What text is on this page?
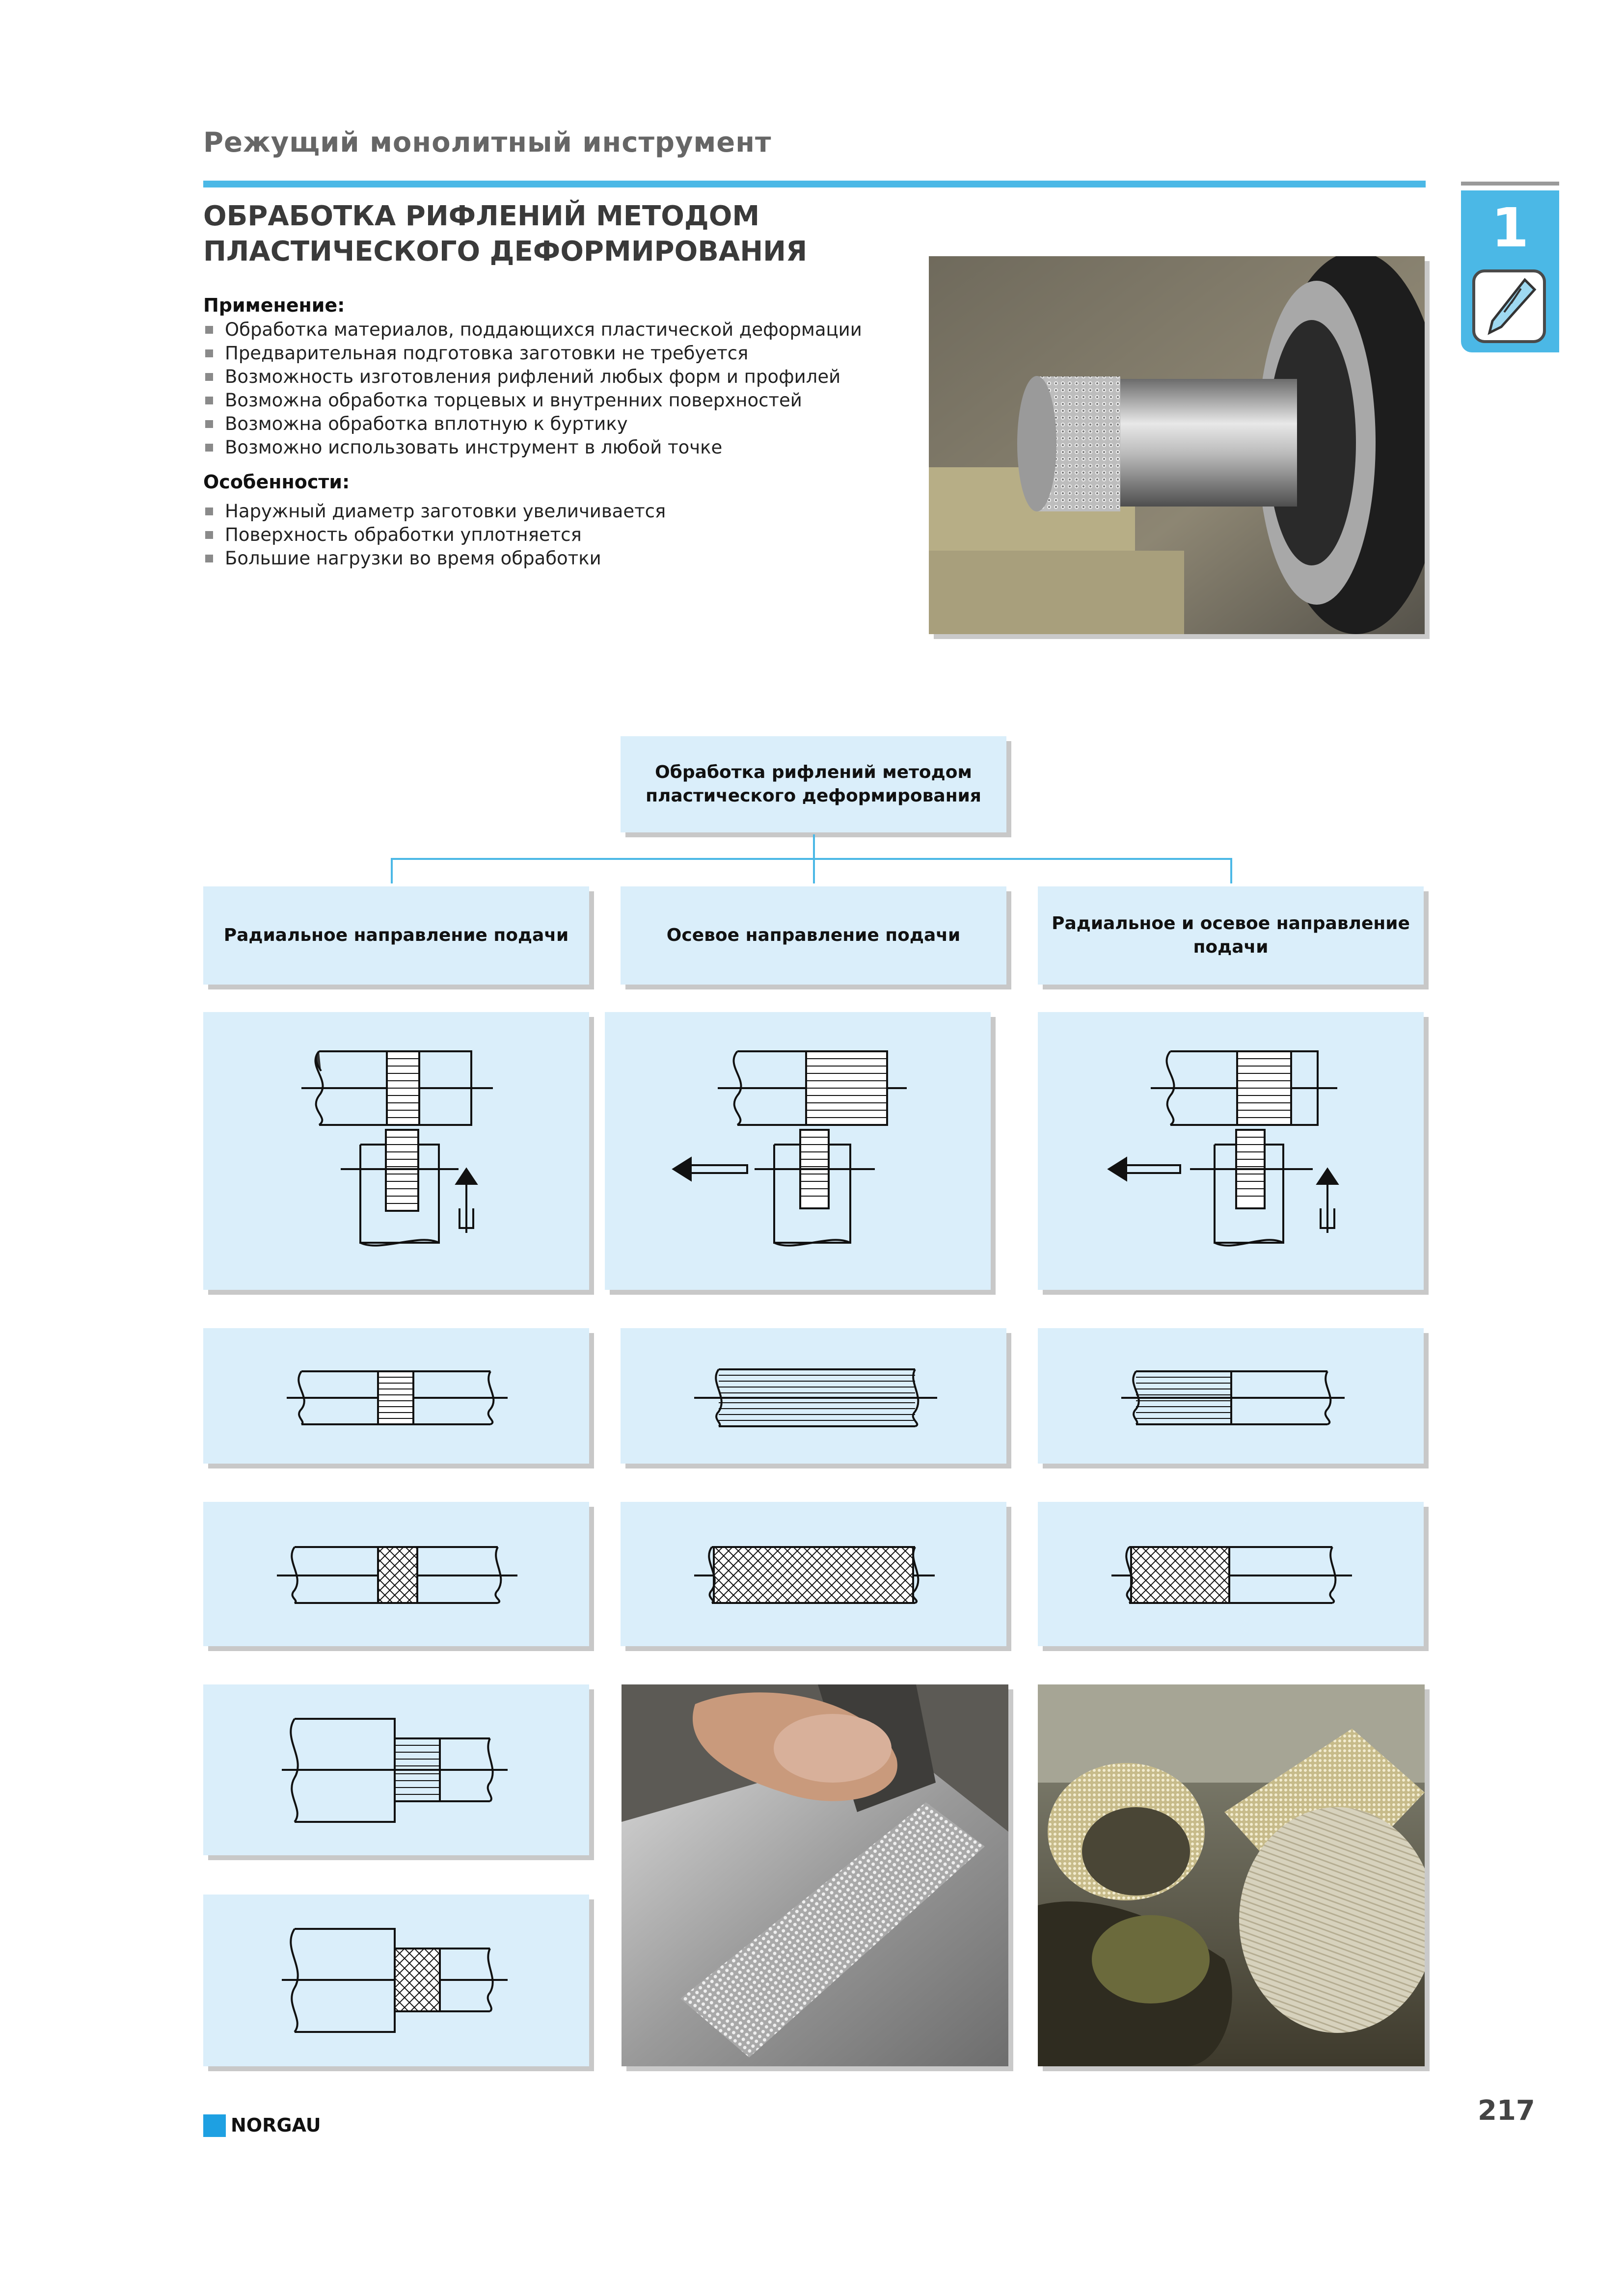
Режущий монолитный инструмент
ОБРАБОТКА РИФЛЕНИЙ МЕТОДОМ
ПЛАСТИЧЕСКОГО ДЕФОРМИРОВАНИЯ	1
Применение:
Обработка материалов, поддающихся пластической деформации
Предварительная подготовка заготовки не требуется
Возможность изготовления рифлений любых форм и профилей
Возможна обработка торцевых и внутренних поверхностей
Возможна обработка вплотную к буртику
Возможно использовать инструмент в любой точке
Особенности:
Наружный диаметр заготовки увеличивается
Поверхность обработки уплотняется
Большие нагрузки во время обработки
Обработка рифлений методом пластического деформирования
Радиальное направление подачи	Осевое направление подачи
Радиальное и осевое направление подачи
NORGAU	217
